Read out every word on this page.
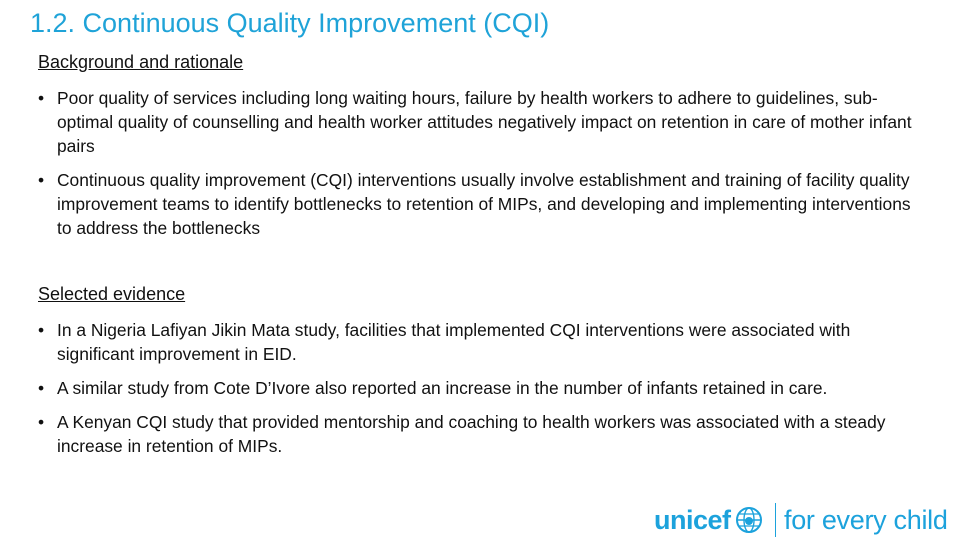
1.2. Continuous Quality Improvement (CQI)
Background and rationale
• Poor quality of services including long waiting hours, failure by health workers to adhere to guidelines, sub-optimal quality of counselling and health worker attitudes negatively impact on retention in care of mother infant pairs
• Continuous quality improvement (CQI) interventions usually involve establishment and training of facility quality improvement teams to identify bottlenecks to retention of MIPs, and developing and implementing interventions to address the bottlenecks
Selected evidence
• In a Nigeria Lafiyan Jikin Mata study, facilities that implemented CQI interventions were associated with significant improvement in EID.
• A similar study from Cote D’Ivore also reported an increase in the number of infants retained in care.
• A Kenyan CQI study that provided mentorship and coaching to health workers was associated with a steady increase in retention of MIPs.
unicef for every child
